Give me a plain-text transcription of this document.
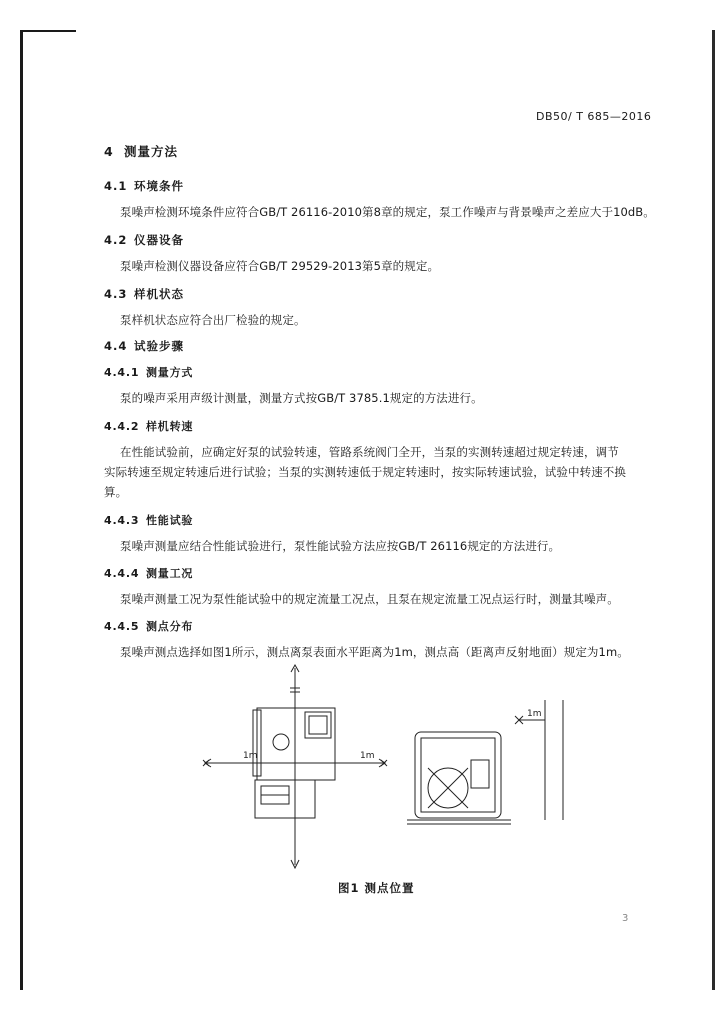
DB50/ T 685—2016
4 测量方法
4.1 环境条件
泵噪声检测环境条件应符合GB/T 26116-2010第8章的规定，泵工作噪声与背景噪声之差应大于10dB。
4.2 仪器设备
泵噪声检测仪器设备应符合GB/T 29529-2013第5章的规定。
4.3 样机状态
泵样机状态应符合出厂检验的规定。
4.4 试验步骤
4.4.1 测量方式
泵的噪声采用声级计测量，测量方式按GB/T 3785.1规定的方法进行。
4.4.2 样机转速
在性能试验前，应确定好泵的试验转速，管路系统阀门全开，当泵的实测转速超过规定转速，调节
实际转速至规定转速后进行试验；当泵的实测转速低于规定转速时，按实际转速试验，试验中转速不换
算。
4.4.3 性能试验
泵噪声测量应结合性能试验进行，泵性能试验方法应按GB/T 26116规定的方法进行。
4.4.4 测量工况
泵噪声测量工况为泵性能试验中的规定流量工况点，且泵在规定流量工况点运行时，测量其噪声。
4.4.5 测点分布
泵噪声测点选择如图1所示，测点离泵表面水平距离为1m，测点高（距离声反射地面）规定为1m。
1m	1m
1m
图1 测点位置
3
